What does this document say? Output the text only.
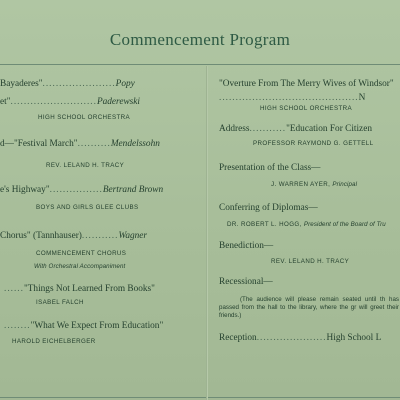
Commencement Program
Bayaderes"......................Popy
et"..........................Paderewski
HIGH SCHOOL ORCHESTRA
d—"Festival March"..........Mendelssohn
REV. LELAND H. TRACY
e's Highway"................Bertrand Brown
BOYS AND GIRLS GLEE CLUBS
Chorus" (Tannhauser)...........Wagner
COMMENCEMENT CHORUS
With Orchestral Accompaniment
......"Things Not Learned From Books"
ISABEL FALCH
........"What We Expect From Education"
HAROLD EICHELBERGER
"Overture From The Merry Wives of Windsor"
..........................................N
HIGH SCHOOL ORCHESTRA
Address..........."Education For Citizen
PROFESSOR RAYMOND G. GETTELL
Presentation of the Class—
J. WARREN AYER, Principal
Conferring of Diplomas—
DR. ROBERT L. HOGG, President of the Board of Tru
Benediction—
REV. LELAND H. TRACY
Recessional—
(The audience will please remain seated until th has passed from the hall to the library, where the gr will greet their friends.)
Reception.....................High School L
